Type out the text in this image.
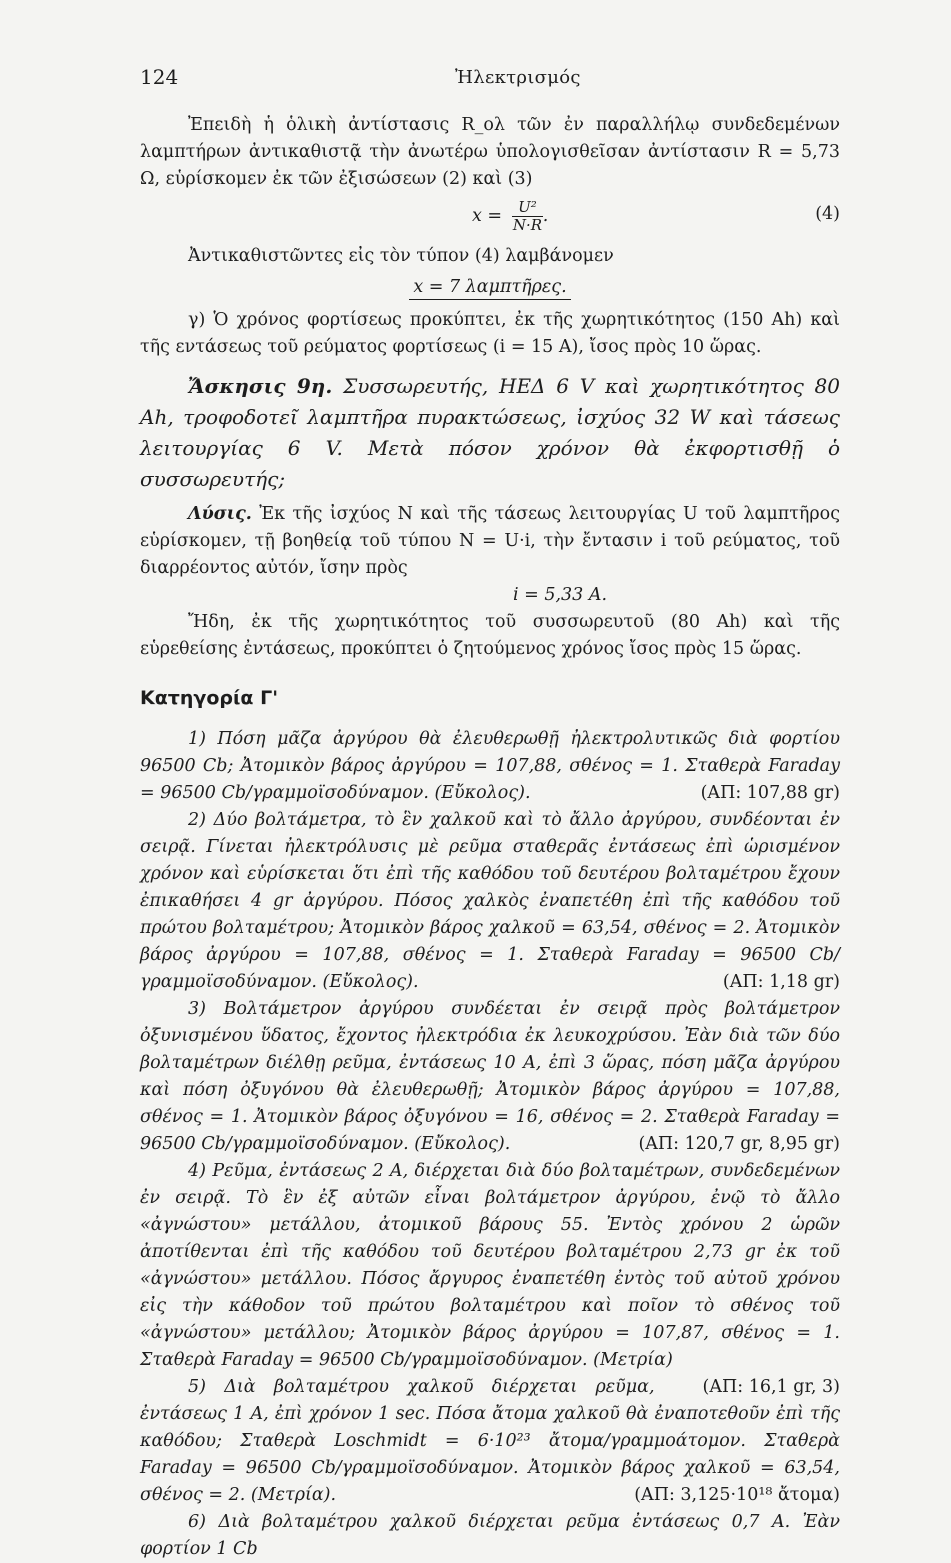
124	Ἠλεκτρισμός

Ἐπειδὴ ἡ ὁλικὴ ἀντίστασις R_ολ τῶν ἐν παραλλήλῳ συνδεδεμένων λαμπτήρων ἀντικαθιστᾷ τὴν ἀνωτέρω ὑπολογισθεῖσαν ἀντίστασιν R = 5,73 Ω, εὑρίσκομεν ἐκ τῶν ἐξισώσεων (2) καὶ (3)

$x = \frac{\text{U²}}{N\cdot R}$ .	(4)

Ἀντικαθιστῶντες εἰς τὸν τύπον (4) λαμβάνομεν

x = 7 λαμπτῆρες.

γ) Ὁ χρόνος φορτίσεως προκύπτει, ἐκ τῆς χωρητικότητος (150 Ah) καὶ τῆς εντάσεως τοῦ ρεύματος φορτίσεως (i = 15 A), ἴσος πρὸς 10 ὥρας.

Ἄσκησις 9η. Συσσωρευτής, ΗΕΔ 6 V καὶ χωρητικότητος 80 Ah, τροφοδοτεῖ λαμπτῆρα πυρακτώσεως, ἰσχύος 32 W καὶ τάσεως λειτουργίας 6 V. Μετὰ πόσον χρόνον θὰ ἐκφορτισθῇ ὁ συσσωρευτής;

Λύσις. Ἐκ τῆς ἰσχύος N καὶ τῆς τάσεως λειτουργίας U τοῦ λαμπτῆρος εὑρίσκομεν, τῇ βοηθείᾳ τοῦ τύπου N = U·i, τὴν ἔντασιν i τοῦ ρεύματος, τοῦ διαρρέοντος αὐτόν, ἴσην πρὸς

i = 5,33 A.

Ἤδη, ἐκ τῆς χωρητικότητος τοῦ συσσωρευτοῦ (80 Ah) καὶ τῆς εὑρεθείσης ἐντάσεως, προκύπτει ὁ ζητούμενος χρόνος ἴσος πρὸς 15 ὥρας.

Κατηγορία Γ'

1) Πόση μᾶζα ἀργύρου θὰ ἐλευθερωθῇ ἠλεκτρολυτικῶς διὰ φορτίου 96500 Cb; Ἀτομικὸν βάρος ἀργύρου = 107,88, σθένος = 1. Σταθερὰ Faraday = 96500 Cb/γραμμοϊσοδύναμον. (Εὔκολος).	(ΑΠ: 107,88 gr)

2) Δύο βολτάμετρα, τὸ ἓν χαλκοῦ καὶ τὸ ἄλλο ἀργύρου, συνδέονται ἐν σειρᾷ. Γίνεται ἠλεκτρόλυσις μὲ ρεῦμα σταθερᾶς ἐντάσεως ἐπὶ ὡρισμένον χρόνον καὶ εὑρίσκεται ὅτι ἐπὶ τῆς καθόδου τοῦ δευτέρου βολταμέτρου ἔχουν ἐπικαθήσει 4 gr ἀργύρου. Πόσος χαλκὸς ἐναπετέθη ἐπὶ τῆς καθόδου τοῦ πρώτου βολταμέτρου; Ἀτομικὸν βάρος χαλκοῦ = 63,54, σθένος = 2. Ἀτομικὸν βάρος ἀργύρου = 107,88, σθένος = 1. Σταθερὰ Faraday = 96500 Cb/γραμμοϊσοδύναμον. (Εὔκολος).	(ΑΠ: 1,18 gr)

3) Βολτάμετρον ἀργύρου συνδέεται ἐν σειρᾷ πρὸς βολτάμετρον ὀξυνισμένου ὕδατος, ἔχοντος ἠλεκτρόδια ἐκ λευκοχρύσου. Ἐὰν διὰ τῶν δύο βολταμέτρων διέλθῃ ρεῦμα, ἐντάσεως 10 A, ἐπὶ 3 ὥρας, πόση μᾶζα ἀργύρου καὶ πόση ὀξυγόνου θὰ ἐλευθερωθῇ; Ἀτομικὸν βάρος ἀργύρου = 107,88, σθένος = 1. Ἀτομικὸν βάρος ὀξυγόνου = 16, σθένος = 2. Σταθερὰ Faraday = 96500 Cb/γραμμοϊσοδύναμον. (Εὔκολος).	(ΑΠ: 120,7 gr, 8,95 gr)

4) Ρεῦμα, ἐντάσεως 2 A, διέρχεται διὰ δύο βολταμέτρων, συνδεδεμένων ἐν σειρᾷ. Τὸ ἓν ἐξ αὐτῶν εἶναι βολτάμετρον ἀργύρου, ἐνῷ τὸ ἄλλο «ἀγνώστου» μετάλλου, ἀτομικοῦ βάρους 55. Ἐντὸς χρόνου 2 ὡρῶν ἀποτίθενται ἐπὶ τῆς καθόδου τοῦ δευτέρου βολταμέτρου 2,73 gr ἐκ τοῦ «ἀγνώστου» μετάλλου. Πόσος ἄργυρος ἐναπετέθη ἐντὸς τοῦ αὐτοῦ χρόνου εἰς τὴν κάθοδον τοῦ πρώτου βολταμέτρου καὶ ποῖον τὸ σθένος τοῦ «ἀγνώστου» μετάλλου; Ἀτομικὸν βάρος ἀργύρου = 107,87, σθένος = 1. Σταθερὰ Faraday = 96500 Cb/γραμμοϊσοδύναμον. (Μετρία)
(ΑΠ: 16,1 gr, 3)

5) Διὰ βολταμέτρου χαλκοῦ διέρχεται ρεῦμα, ἐντάσεως 1 A, ἐπὶ χρόνον 1 sec. Πόσα ἄτομα χαλκοῦ θὰ ἐναποτεθοῦν ἐπὶ τῆς καθόδου; Σταθερὰ Loschmidt = 6·10²³ ἄτομα/γραμμοάτομον. Σταθερὰ Faraday = 96500 Cb/γραμμοϊσοδύναμον. Ἀτομικὸν βάρος χαλκοῦ = 63,54, σθένος = 2. (Μετρία).	(ΑΠ: 3,125·10¹⁸ ἄτομα)

6) Διὰ βολταμέτρου χαλκοῦ διέρχεται ρεῦμα ἐντάσεως 0,7 A. Ἐὰν φορτίον 1 Cb
